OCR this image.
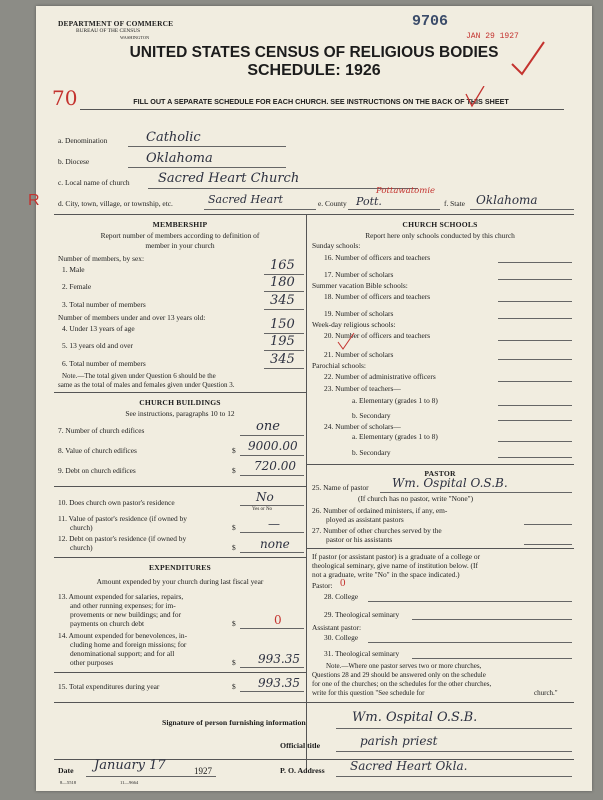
DEPARTMENT OF COMMERCE
BUREAU OF THE CENSUS
WASHINGTON
9706
JAN 29 1927
UNITED STATES CENSUS OF RELIGIOUS BODIES
SCHEDULE: 1926
70	FILL OUT A SEPARATE SCHEDULE FOR EACH CHURCH. SEE INSTRUCTIONS ON THE BACK OF THIS SHEET
a. Denomination	Catholic
b. Diocese	Oklahoma
c. Local name of church Sacred Heart Church
R d. City, town, village, or township, etc.	Sacred Heart	e. County Pott.
Pottawatomie
f. State Oklahoma
MEMBERSHIP
Report number of members according to definition of
member in your church
Number of members, by sex:
1. Male	165
2. Female	180
3. Total number of members	345
Number of members under and over 13 years old:
4. Under 13 years of age	150
5. 13 years old and over	195
6. Total number of members	345
Note.—The total given under Question 6 should be the
same as the total of males and females given under Question 3.
CHURCH BUILDINGS
See instructions, paragraphs 10 to 12
7. Number of church edifices	one
8. Value of church edifices	$ 9000.00
9. Debt on church edifices	$ 720.00
10. Does church own pastor's residence	No
Yes or No
11. Value of pastor's residence (if owned by
church)	$	—
12. Debt on pastor's residence (if owned by
church)	$ none
EXPENDITURES
Amount expended by your church during last fiscal year
13. Amount expended for salaries, repairs,
and other running expenses; for im-
provements or new buildings; and for
payments on church debt	$	0
14. Amount expended for benevolences, in-
cluding home and foreign missions; for
denominational support; and for all
other purposes	$ 993.35
15. Total expenditures during year	$ 993.35
CHURCH SCHOOLS
Report here only schools conducted by this church
Sunday schools:
16. Number of officers and teachers
17. Number of scholars
Summer vacation Bible schools:
18. Number of officers and teachers
19. Number of scholars
Week-day religious schools:
20. Number of officers and teachers
21. Number of scholars
Parochial schools:
22. Number of administrative officers
23. Number of teachers—
a. Elementary (grades 1 to 8)
b. Secondary
24. Number of scholars—
a. Elementary (grades 1 to 8)
b. Secondary
PASTOR
25. Name of pastor Wm. Ospital O.S.B.
(If church has no pastor, write "None")
26. Number of ordained ministers, if any, em-
ployed as assistant pastors
27. Number of other churches served by the
pastor or his assistants
If pastor (or assistant pastor) is a graduate of a college or
theological seminary, give name of institution below. (If
not a graduate, write "No" in the space indicated.)
Pastor: 0
28. College
29. Theological seminary
Assistant pastor:
30. College
31. Theological seminary
Note.—Where one pastor serves two or more churches,
Questions 28 and 29 should be answered only on the schedule
for one of the churches; on the schedules for the other churches,
write for this question "See schedule for	church."
Signature of person furnishing information	Wm. Ospital O.S.B.
Official title	parish priest
Date January 17	1927	P. O. Address Sacred Heart Okla.
8—5518	11—9664
